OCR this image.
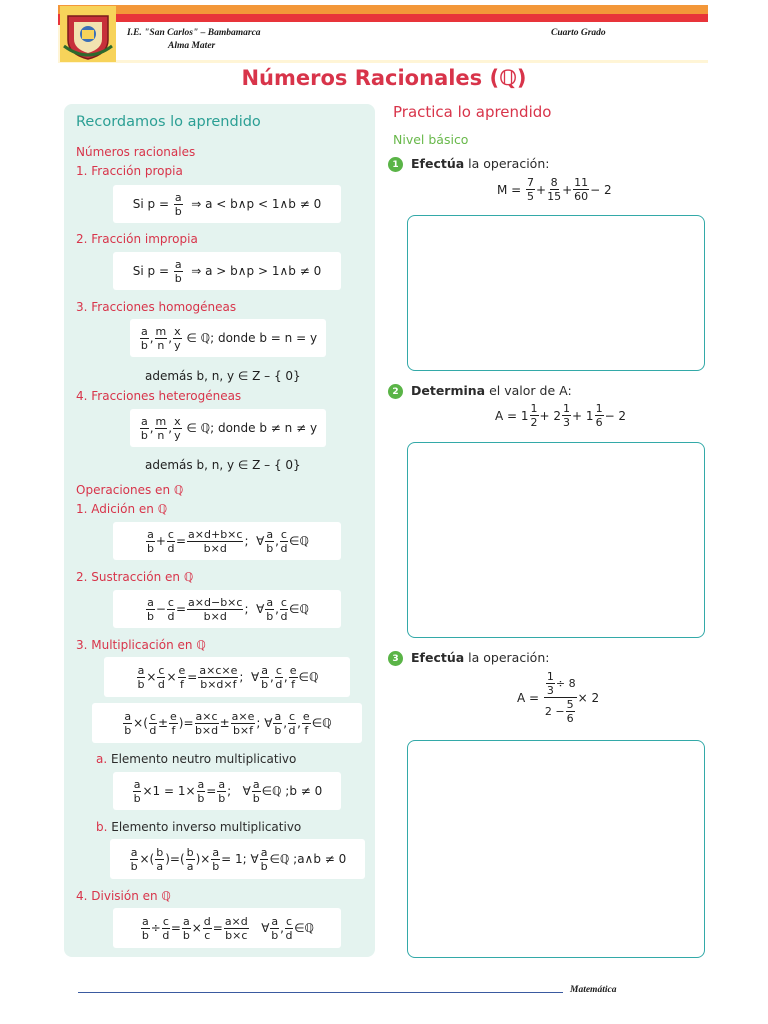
I.E. "San Carlos" – Bambamarca
Alma Mater
Cuarto Grado
Números Racionales (ℚ)
Recordamos lo aprendido
Números racionales
1. Fracción propia
Si $p = \frac{a}{b}$
⇒ a < b∧p < 1∧b ≠ 0
2. Fracción impropia
Si $p = \frac{a}{b}$
⇒ a > b∧p > 1∧b ≠ 0
3. Fracciones homogéneas
$\frac{a}{b}$ , $\frac{m}{n}$ , $\frac{x}{y}$
∈ ℚ; donde b = n = y
además b, n, y ∈ Z – { 0}
4. Fracciones heterogéneas
$\frac{a}{b}$ , $\frac{m}{n}$ , $\frac{x}{y}$
∈ ℚ; donde b ≠ n ≠ y
además b, n, y ∈ Z – { 0}
Operaciones en ℚ
1. Adición en ℚ
$\frac{a}{b} + \frac{c}{d} = \frac{a\times d+b\times c}{b\times d}$ ;  ∀ $\frac{a}{b}$ , $\frac{c}{d}$ ∈ℚ
2. Sustracción en ℚ
$\frac{a}{b} - \frac{c}{d} = \frac{a\times d-b\times c}{b\times d}$ ;  ∀ $\frac{a}{b}$ , $\frac{c}{d}$ ∈ℚ
3. Multiplicación en ℚ
$\frac{a}{b} \times \frac{c}{d} \times \frac{e}{f} = \frac{a\times c\times e}{b\times d\times f}$ ;  ∀ $\frac{a}{b}$ , $\frac{c}{d}$ , $\frac{e}{f}$ ∈ℚ
$\frac{a}{b}$ ×( $\frac{c}{d} \pm \frac{e}{f}$ )= $\frac{a\times c}{b\times d} \pm \frac{a\times e}{b\times f}$ ; ∀ $\frac{a}{b}$ , $\frac{c}{d}$ , $\frac{e}{f}$ ∈ℚ
a. Elemento neutro multiplicativo
$\frac{a}{b} \times 1 = 1\times \frac{a}{b} = \frac{a}{b}$ ;   ∀ $\frac{a}{b}$ ∈ℚ ;b ≠ 0
b. Elemento inverso multiplicativo
$\frac{a}{b}$ ×( $\frac{b}{a}$ )=( $\frac{b}{a}$ )× $\frac{a}{b} = 1$; ∀ $\frac{a}{b}$ ∈ℚ ;a∧b ≠ 0
4. División en ℚ
$\frac{a}{b} \div \frac{c}{d} = \frac{a}{b} \times \frac{d}{c} = \frac{a\times d}{b\times c}$ ∀ $\frac{a}{b}$ , $\frac{c}{d}$ ∈ℚ
Practica lo aprendido
Nivel básico
1 Efectúa la operación:
$M = \frac{7}{5} + \frac{8}{15} + \frac{11}{60} - 2$
2 Determina el valor de A:
$A = 1 \frac{1}{2} + 2 \frac{1}{3} + 1 \frac{1}{6} - 2$
3 Efectúa la operación:
$A = \frac{\frac{1}{3} \div 8}{2 - \frac{5}{6}} \times 2$
Matemática
